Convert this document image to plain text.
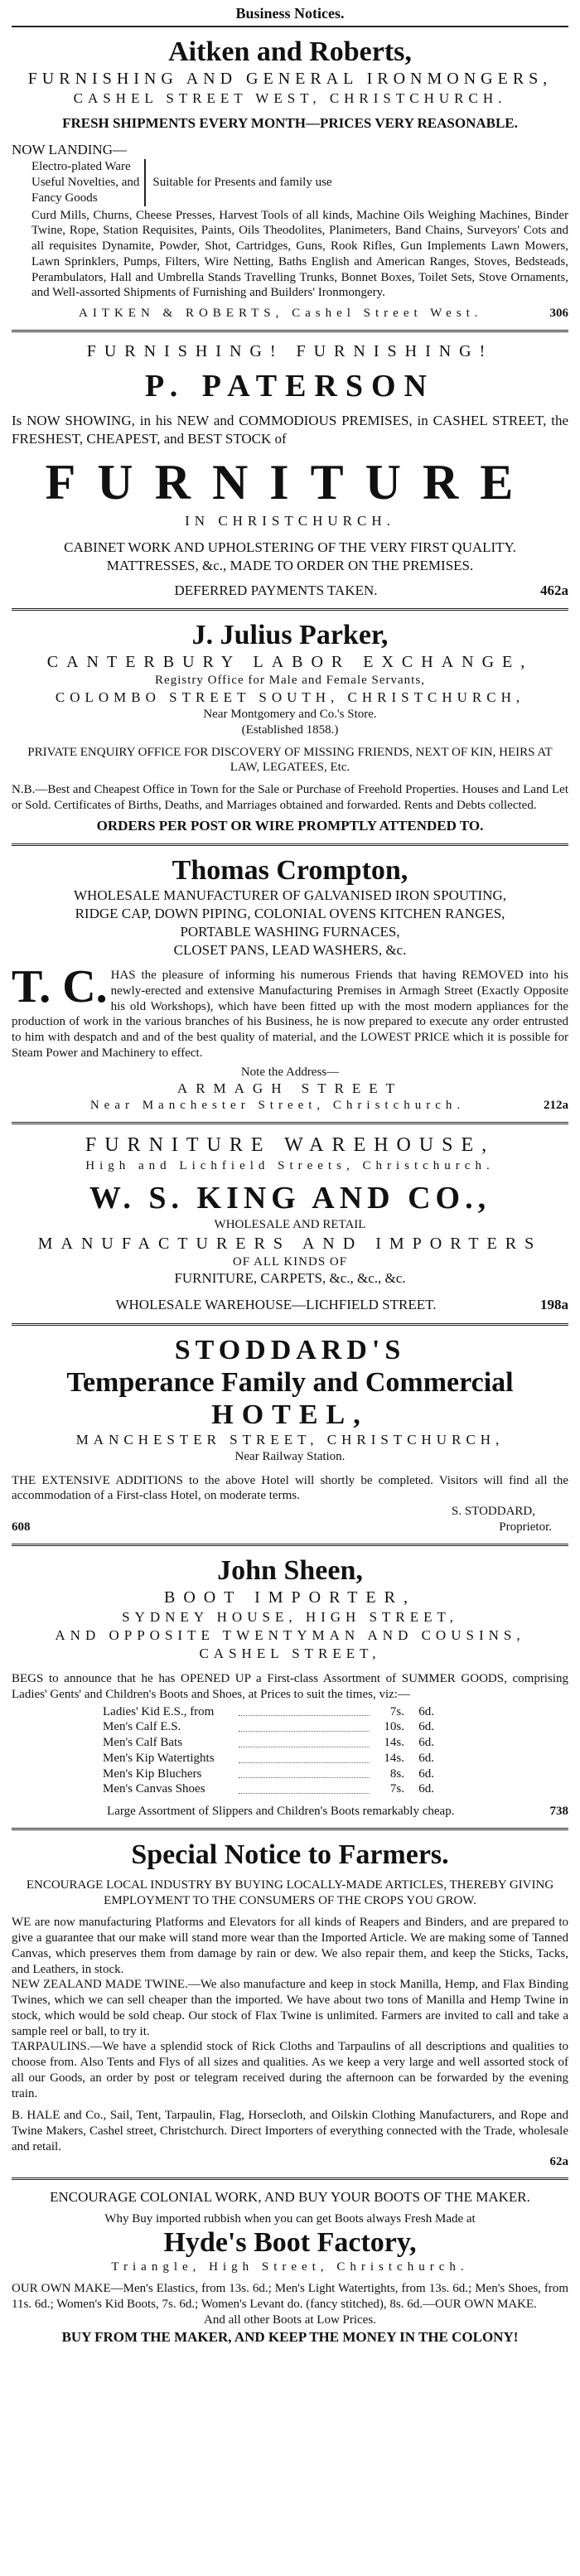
Business Notices.
Aitken and Roberts,
FURNISHING AND GENERAL IRONMONGERS,
CASHEL STREET WEST, CHRISTCHURCH.
FRESH SHIPMENTS EVERY MONTH—PRICES VERY REASONABLE.
NOW LANDING—
Electro-plated Ware
Useful Novelties, and
Fancy Goods
Suitable for Presents and family use
Curd Mills, Churns, Cheese Presses, Harvest Tools of all kinds, Machine Oils Weighing Machines, Binder Twine, Rope, Station Requisites, Paints, Oils Theodolites, Planimeters, Band Chains, Surveyors' Cots and all requisites Dynamite, Powder, Shot, Cartridges, Guns, Rook Rifles, Gun Implements Lawn Mowers, Lawn Sprinklers, Pumps, Filters, Wire Netting, Baths English and American Ranges, Stoves, Bedsteads, Perambulators, Hall and Umbrella Stands Travelling Trunks, Bonnet Boxes, Toilet Sets, Stove Ornaments, and Well-assorted Shipments of Furnishing and Builders' Ironmongery.
AITKEN & ROBERTS, Cashel Street West.	306
FURNISHING! FURNISHING!
P. PATERSON
Is NOW SHOWING, in his NEW and COMMODIOUS PREMISES, in CASHEL STREET, the FRESHEST, CHEAPEST, and BEST STOCK of
FURNITURE
IN CHRISTCHURCH.
CABINET WORK AND UPHOLSTERING OF THE VERY FIRST QUALITY.
MATTRESSES, &c., MADE TO ORDER ON THE PREMISES.
DEFERRED PAYMENTS TAKEN.	462a
J. Julius Parker,
CANTERBURY LABOR EXCHANGE,
Registry Office for Male and Female Servants,
COLOMBO STREET SOUTH, CHRISTCHURCH,
Near Montgomery and Co.'s Store.
(Established 1858.)
PRIVATE ENQUIRY OFFICE FOR DISCOVERY OF MISSING FRIENDS, NEXT OF KIN, HEIRS AT LAW, LEGATEES, Etc.
N.B.—Best and Cheapest Office in Town for the Sale or Purchase of Freehold Properties. Houses and Land Let or Sold. Certificates of Births, Deaths, and Marriages obtained and forwarded. Rents and Debts collected.
ORDERS PER POST OR WIRE PROMPTLY ATTENDED TO.
Thomas Crompton,
WHOLESALE MANUFACTURER OF GALVANISED IRON SPOUTING,
RIDGE CAP, DOWN PIPING, COLONIAL OVENS KITCHEN RANGES,
PORTABLE WASHING FURNACES,
CLOSET PANS, LEAD WASHERS, &c.
T. C. HAS the pleasure of informing his numerous Friends that having REMOVED into his newly-erected and extensive Manufacturing Premises in Armagh Street (Exactly Opposite his old Workshops), which have been fitted up with the most modern appliances for the production of work in the various branches of his Business, he is now prepared to execute any order entrusted to him with despatch and and of the best quality of material, and the LOWEST PRICE which it is possible for Steam Power and Machinery to effect.
Note the Address—
ARMAGH STREET
Near Manchester Street, Christchurch.	212a
FURNITURE WAREHOUSE,
High and Lichfield Streets, Christchurch.
W. S. KING AND CO.,
WHOLESALE AND RETAIL
MANUFACTURERS AND IMPORTERS
OF ALL KINDS OF
FURNITURE, CARPETS, &c., &c., &c.
WHOLESALE WAREHOUSE—LICHFIELD STREET.	198a
STODDARD'S
Temperance Family and Commercial
HOTEL,
MANCHESTER STREET, CHRISTCHURCH,
Near Railway Station.
THE EXTENSIVE ADDITIONS to the above Hotel will shortly be completed. Visitors will find all the accommodation of a First-class Hotel, on moderate terms.
S. STODDARD,
608	Proprietor.
John Sheen,
BOOT IMPORTER,
SYDNEY HOUSE, HIGH STREET,
AND OPPOSITE TWENTYMAN AND COUSINS,
CASHEL STREET,
BEGS to announce that he has OPENED UP a First-class Assortment of SUMMER GOODS, comprising Ladies' Gents' and Children's Boots and Shoes, at Prices to suit the times, viz:—
Ladies' Kid E.S., from	7s.	6d.
Men's Calf E.S.	10s.	6d.
Men's Calf Bats	14s.	6d.
Men's Kip Watertights	14s.	6d.
Men's Kip Bluchers	8s.	6d.
Men's Canvas Shoes	7s.	6d.
Large Assortment of Slippers and Children's Boots remarkably cheap.	738
Special Notice to Farmers.
ENCOURAGE LOCAL INDUSTRY BY BUYING LOCALLY-MADE ARTICLES, THEREBY GIVING EMPLOYMENT TO THE CONSUMERS OF THE CROPS YOU GROW.
WE are now manufacturing Platforms and Elevators for all kinds of Reapers and Binders, and are prepared to give a guarantee that our make will stand more wear than the Imported Article. We are making some of Tanned Canvas, which preserves them from damage by rain or dew. We also repair them, and keep the Sticks, Tacks, and Leathers, in stock.
NEW ZEALAND MADE TWINE.—We also manufacture and keep in stock Manilla, Hemp, and Flax Binding Twines, which we can sell cheaper than the imported. We have about two tons of Manilla and Hemp Twine in stock, which would be sold cheap. Our stock of Flax Twine is unlimited. Farmers are invited to call and take a sample reel or ball, to try it.
TARPAULINS.—We have a splendid stock of Rick Cloths and Tarpaulins of all descriptions and qualities to choose from. Also Tents and Flys of all sizes and qualities. As we keep a very large and well assorted stock of all our Goods, an order by post or telegram received during the afternoon can be forwarded by the evening train.
B. HALE and Co., Sail, Tent, Tarpaulin, Flag, Horsecloth, and Oilskin Clothing Manufacturers, and Rope and Twine Makers, Cashel street, Christchurch. Direct Importers of everything connected with the Trade, wholesale and retail.
62a
ENCOURAGE COLONIAL WORK, AND BUY YOUR BOOTS OF THE MAKER.
Why Buy imported rubbish when you can get Boots always Fresh Made at
Hyde's Boot Factory,
Triangle, High Street, Christchurch.
OUR OWN MAKE—Men's Elastics, from 13s. 6d.; Men's Light Watertights, from 13s. 6d.; Men's Shoes, from 11s. 6d.; Women's Kid Boots, 7s. 6d.; Women's Levant do. (fancy stitched), 8s. 6d.—OUR OWN MAKE.
And all other Boots at Low Prices.
BUY FROM THE MAKER, AND KEEP THE MONEY IN THE COLONY!
